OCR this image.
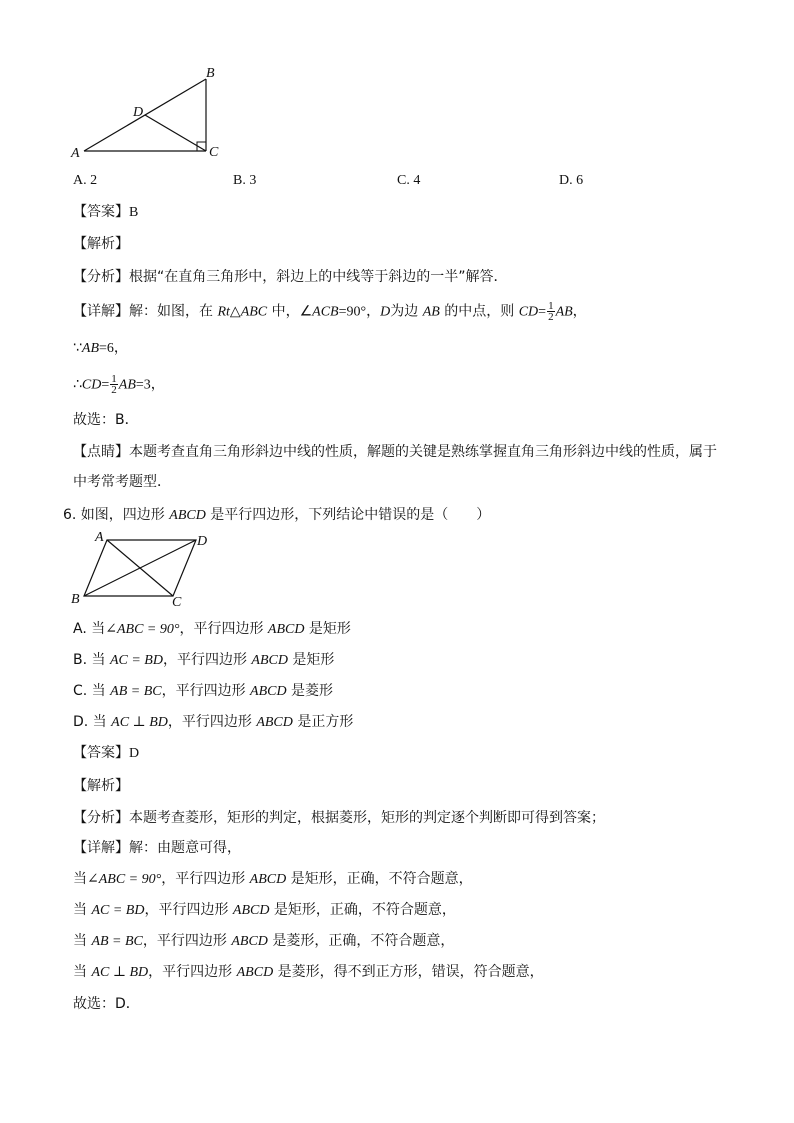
A
B
C
D
A. 2	B. 3	C. 4	D. 6
【答案】B
【解析】
【分析】根据“在直角三角形中，斜边上的中线等于斜边的一半”解答．
【详解】解：如图，在 Rt△ABC 中，∠ACB=90°，D为边 AB 的中点，则 $CD= \frac{1}{2}$ AB，
∵AB=6，
∴CD= $\frac{1}{2} AB=3$，
故选：B．
【点睛】本题考查直角三角形斜边中线的性质，解题的关键是熟练掌握直角三角形斜边中线的性质，属于
中考常考题型．
6. 如图，四边形 ABCD 是平行四边形，下列结论中错误的是（　　）
A	D
B	C
A. 当∠ABC = 90°，平行四边形 ABCD 是矩形
B. 当 AC = BD，平行四边形 ABCD 是矩形
C. 当 AB = BC，平行四边形 ABCD 是菱形
D. 当 AC ⊥ BD，平行四边形 ABCD 是正方形
【答案】D
【解析】
【分析】本题考查菱形，矩形的判定，根据菱形，矩形的判定逐个判断即可得到答案；
【详解】解：由题意可得，
当∠ABC = 90°，平行四边形 ABCD 是矩形，正确，不符合题意，
当 AC = BD，平行四边形 ABCD 是矩形，正确，不符合题意，
当 AB = BC，平行四边形 ABCD 是菱形，正确，不符合题意，
当 AC ⊥ BD，平行四边形 ABCD 是菱形，得不到正方形，错误，符合题意，
故选：D．
